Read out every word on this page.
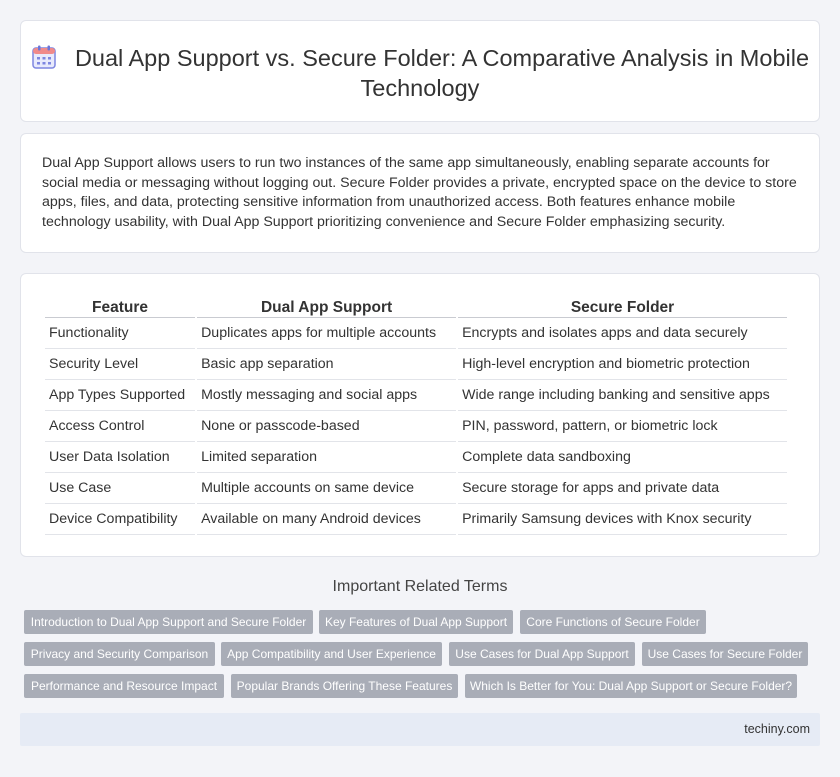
Dual App Support vs. Secure Folder: A Comparative Analysis in Mobile Technology

Dual App Support allows users to run two instances of the same app simultaneously, enabling separate accounts for social media or messaging without logging out. Secure Folder provides a private, encrypted space on the device to store apps, files, and data, protecting sensitive information from unauthorized access. Both features enhance mobile technology usability, with Dual App Support prioritizing convenience and Secure Folder emphasizing security.

Feature	Dual App Support	Secure Folder
Functionality	Duplicates apps for multiple accounts	Encrypts and isolates apps and data securely
Security Level	Basic app separation	High-level encryption and biometric protection
App Types Supported	Mostly messaging and social apps	Wide range including banking and sensitive apps
Access Control	None or passcode-based	PIN, password, pattern, or biometric lock
User Data Isolation	Limited separation	Complete data sandboxing
Use Case	Multiple accounts on same device	Secure storage for apps and private data
Device Compatibility	Available on many Android devices	Primarily Samsung devices with Knox security
Important Related Terms
Introduction to Dual App Support and Secure Folder	Key Features of Dual App Support	Core Functions of Secure Folder
Privacy and Security Comparison	App Compatibility and User Experience	Use Cases for Dual App Support	Use Cases for Secure Folder
Performance and Resource Impact	Popular Brands Offering These Features	Which Is Better for You: Dual App Support or Secure Folder?
techiny.com
